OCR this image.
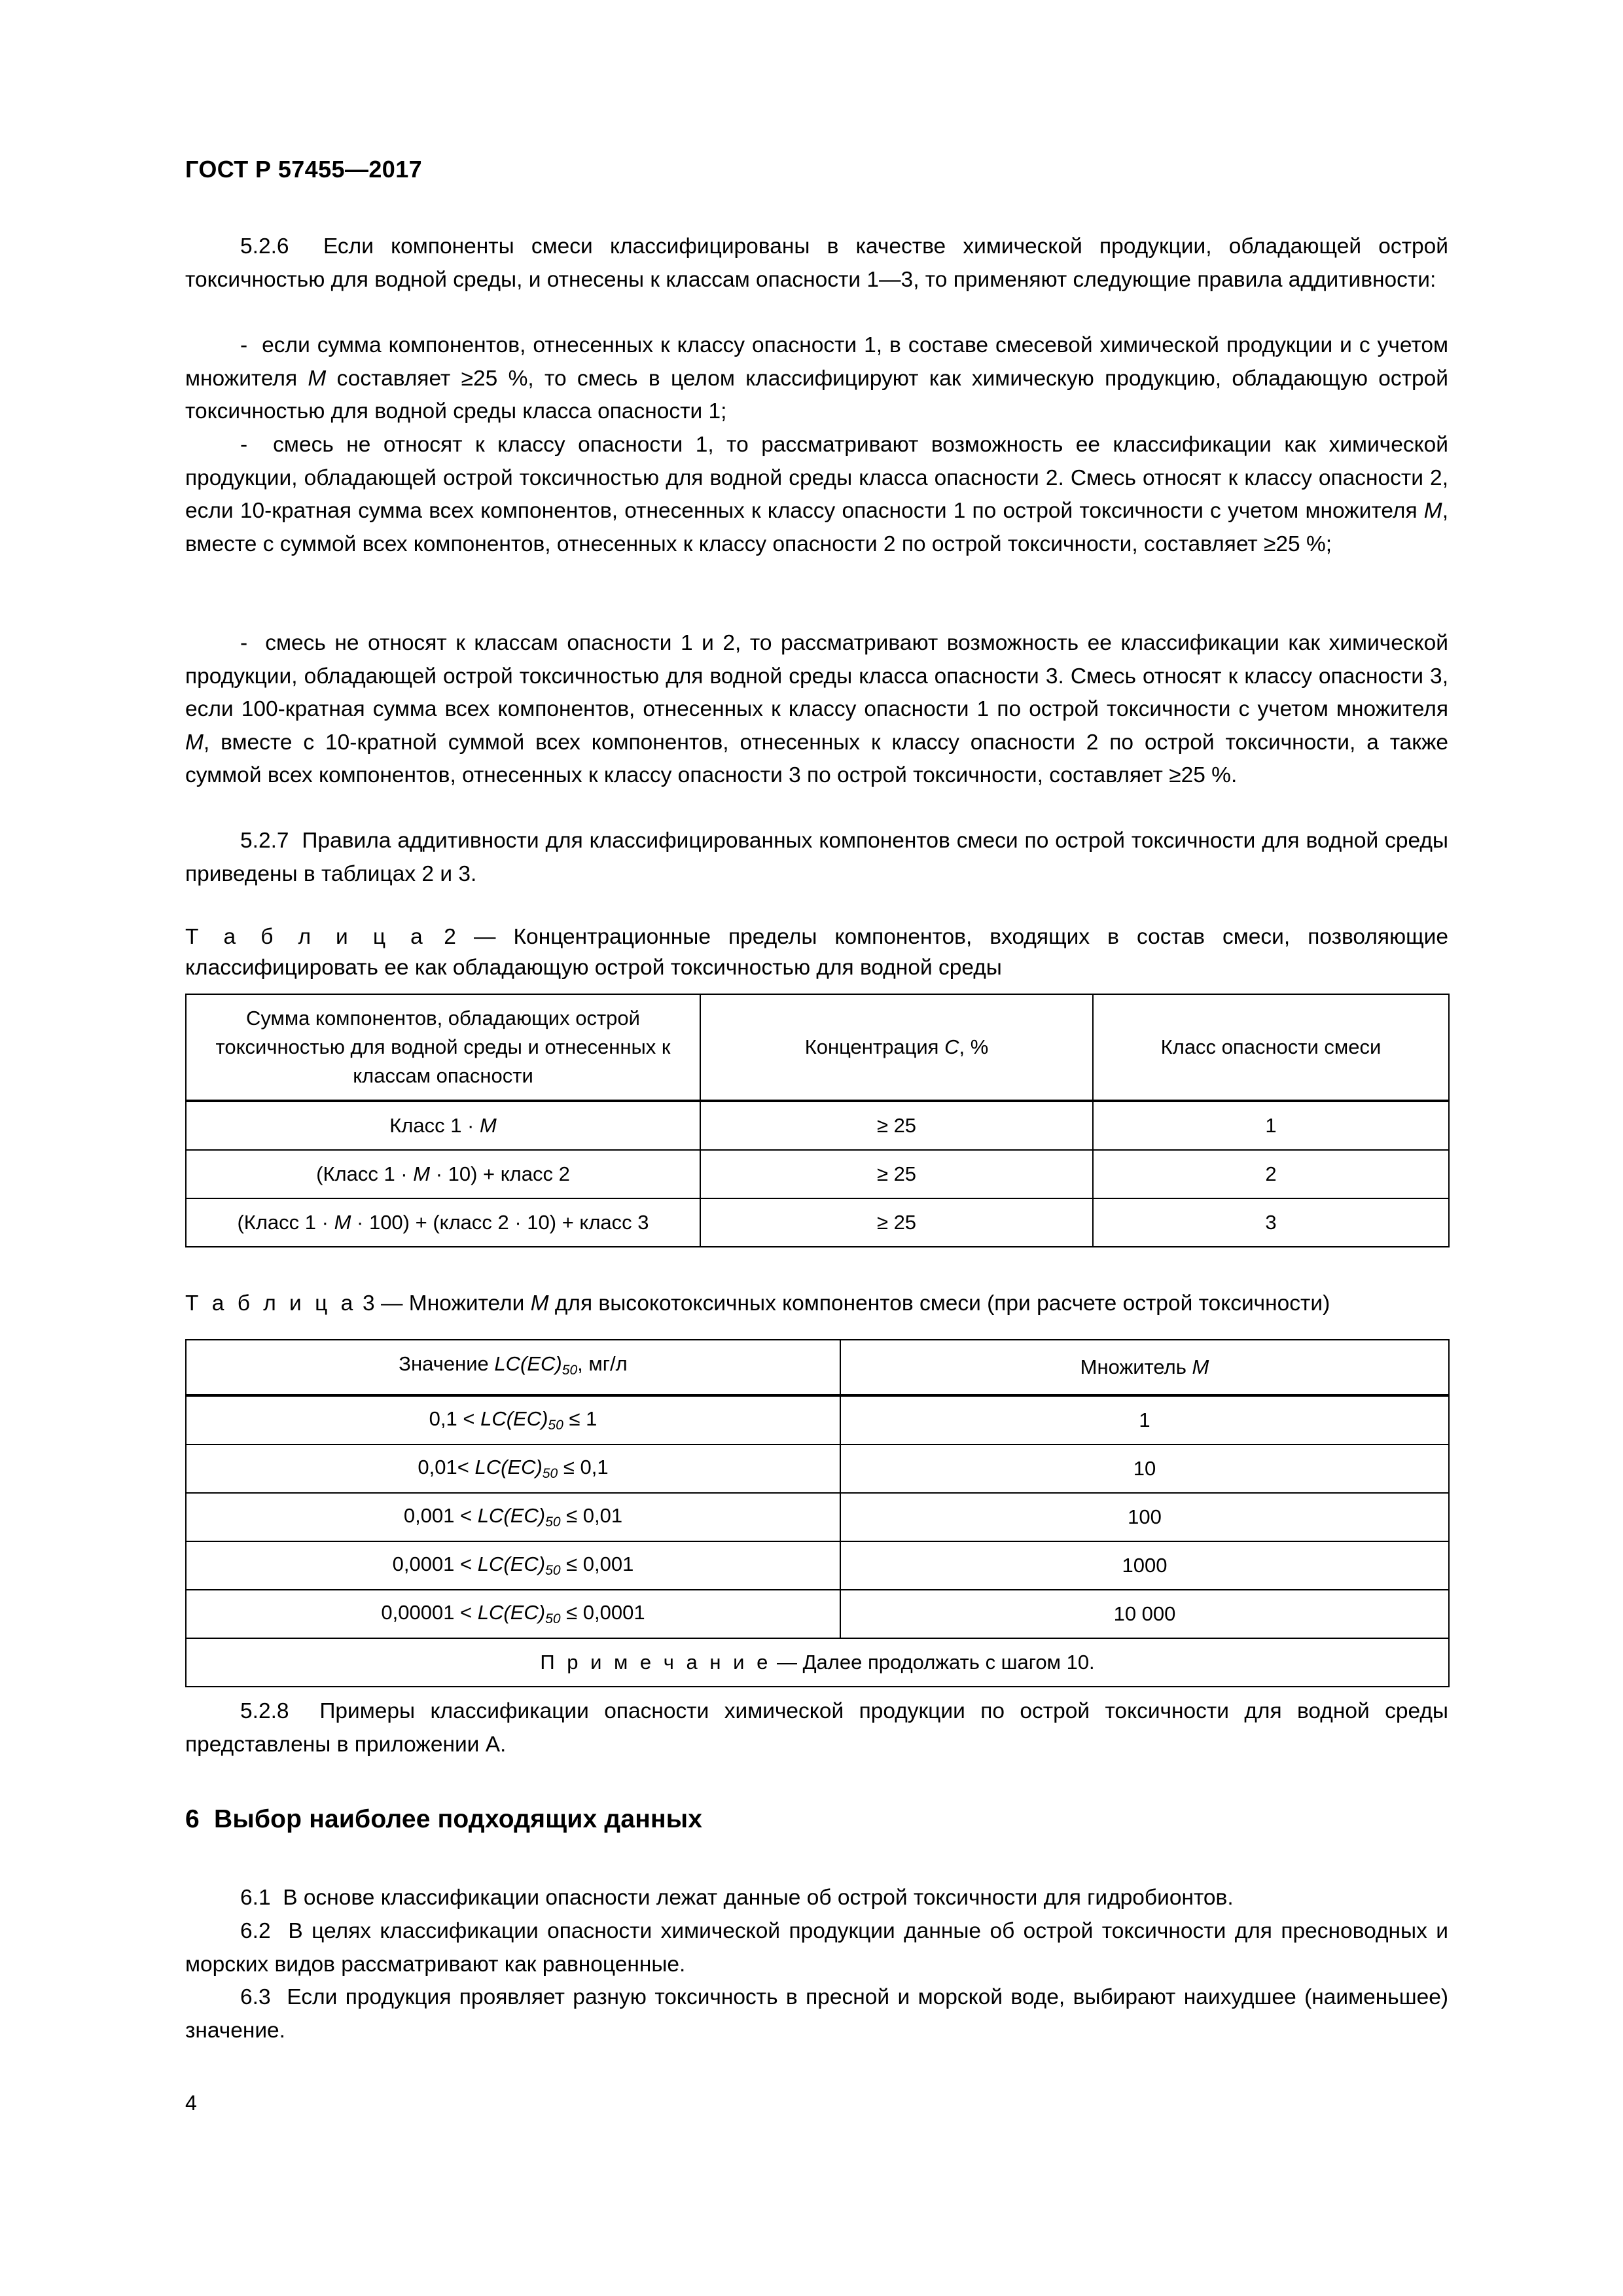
ГОСТ Р 57455—2017

5.2.6 Если компоненты смеси классифицированы в качестве химической продукции, обладающей острой токсичностью для водной среды, и отнесены к классам опасности 1—3, то применяют следующие правила аддитивности:

- если сумма компонентов, отнесенных к классу опасности 1, в составе смесевой химической продукции и с учетом множителя M составляет ≥25 %, то смесь в целом классифицируют как химическую продукцию, обладающую острой токсичностью для водной среды класса опасности 1;

- смесь не относят к классу опасности 1, то рассматривают возможность ее классификации как химической продукции, обладающей острой токсичностью для водной среды класса опасности 2. Смесь относят к классу опасности 2, если 10-кратная сумма всех компонентов, отнесенных к классу опасности 1 по острой токсичности с учетом множителя M, вместе с суммой всех компонентов, отнесенных к классу опасности 2 по острой токсичности, составляет ≥25 %;

- смесь не относят к классам опасности 1 и 2, то рассматривают возможность ее классификации как химической продукции, обладающей острой токсичностью для водной среды класса опасности 3. Смесь относят к классу опасности 3, если 100-кратная сумма всех компонентов, отнесенных к классу опасности 1 по острой токсичности с учетом множителя M, вместе с 10-кратной суммой всех компонентов, отнесенных к классу опасности 2 по острой токсичности, а также суммой всех компонентов, отнесенных к классу опасности 3 по острой токсичности, составляет ≥25 %.

5.2.7 Правила аддитивности для классифицированных компонентов смеси по острой токсичности для водной среды приведены в таблицах 2 и 3.

Т а б л и ц а 2 — Концентрационные пределы компонентов, входящих в состав смеси, позволяющие классифицировать ее как обладающую острой токсичностью для водной среды
Сумма компонентов, обладающих острой токсичностью для водной среды и отнесенных к классам опасности	Концентрация C, %	Класс опасности смеси
Класс 1 · M	≥ 25	1
(Класс 1 · M · 10) + класс 2	≥ 25	2
(Класс 1 · M · 100) + (класс 2 · 10) + класс 3	≥ 25	3
Т а б л и ц а 3 — Множители M для высокотоксичных компонентов смеси (при расчете острой токсичности)
Значение $LC(EC)_{50}$, мг/л	Множитель M
$0,1 < LC(EC)_{50} \le 1$	1
$0,01< LC(EC)_{50} \le 0,1$	10
$0,001 < LC(EC)_{50} \le 0,01$	100
$0,0001 < LC(EC)_{50} \le 0,001$	1000
$0,00001 < LC(EC)_{50} \le 0,0001$	10 000
П р и м е ч а н и е — Далее продолжать с шагом 10.	

5.2.8 Примеры классификации опасности химической продукции по острой токсичности для водной среды представлены в приложении А.

6 Выбор наиболее подходящих данных

6.1 В основе классификации опасности лежат данные об острой токсичности для гидробионтов.

6.2 В целях классификации опасности химической продукции данные об острой токсичности для пресноводных и морских видов рассматривают как равноценные.

6.3 Если продукция проявляет разную токсичность в пресной и морской воде, выбирают наихудшее (наименьшее) значение.

4
